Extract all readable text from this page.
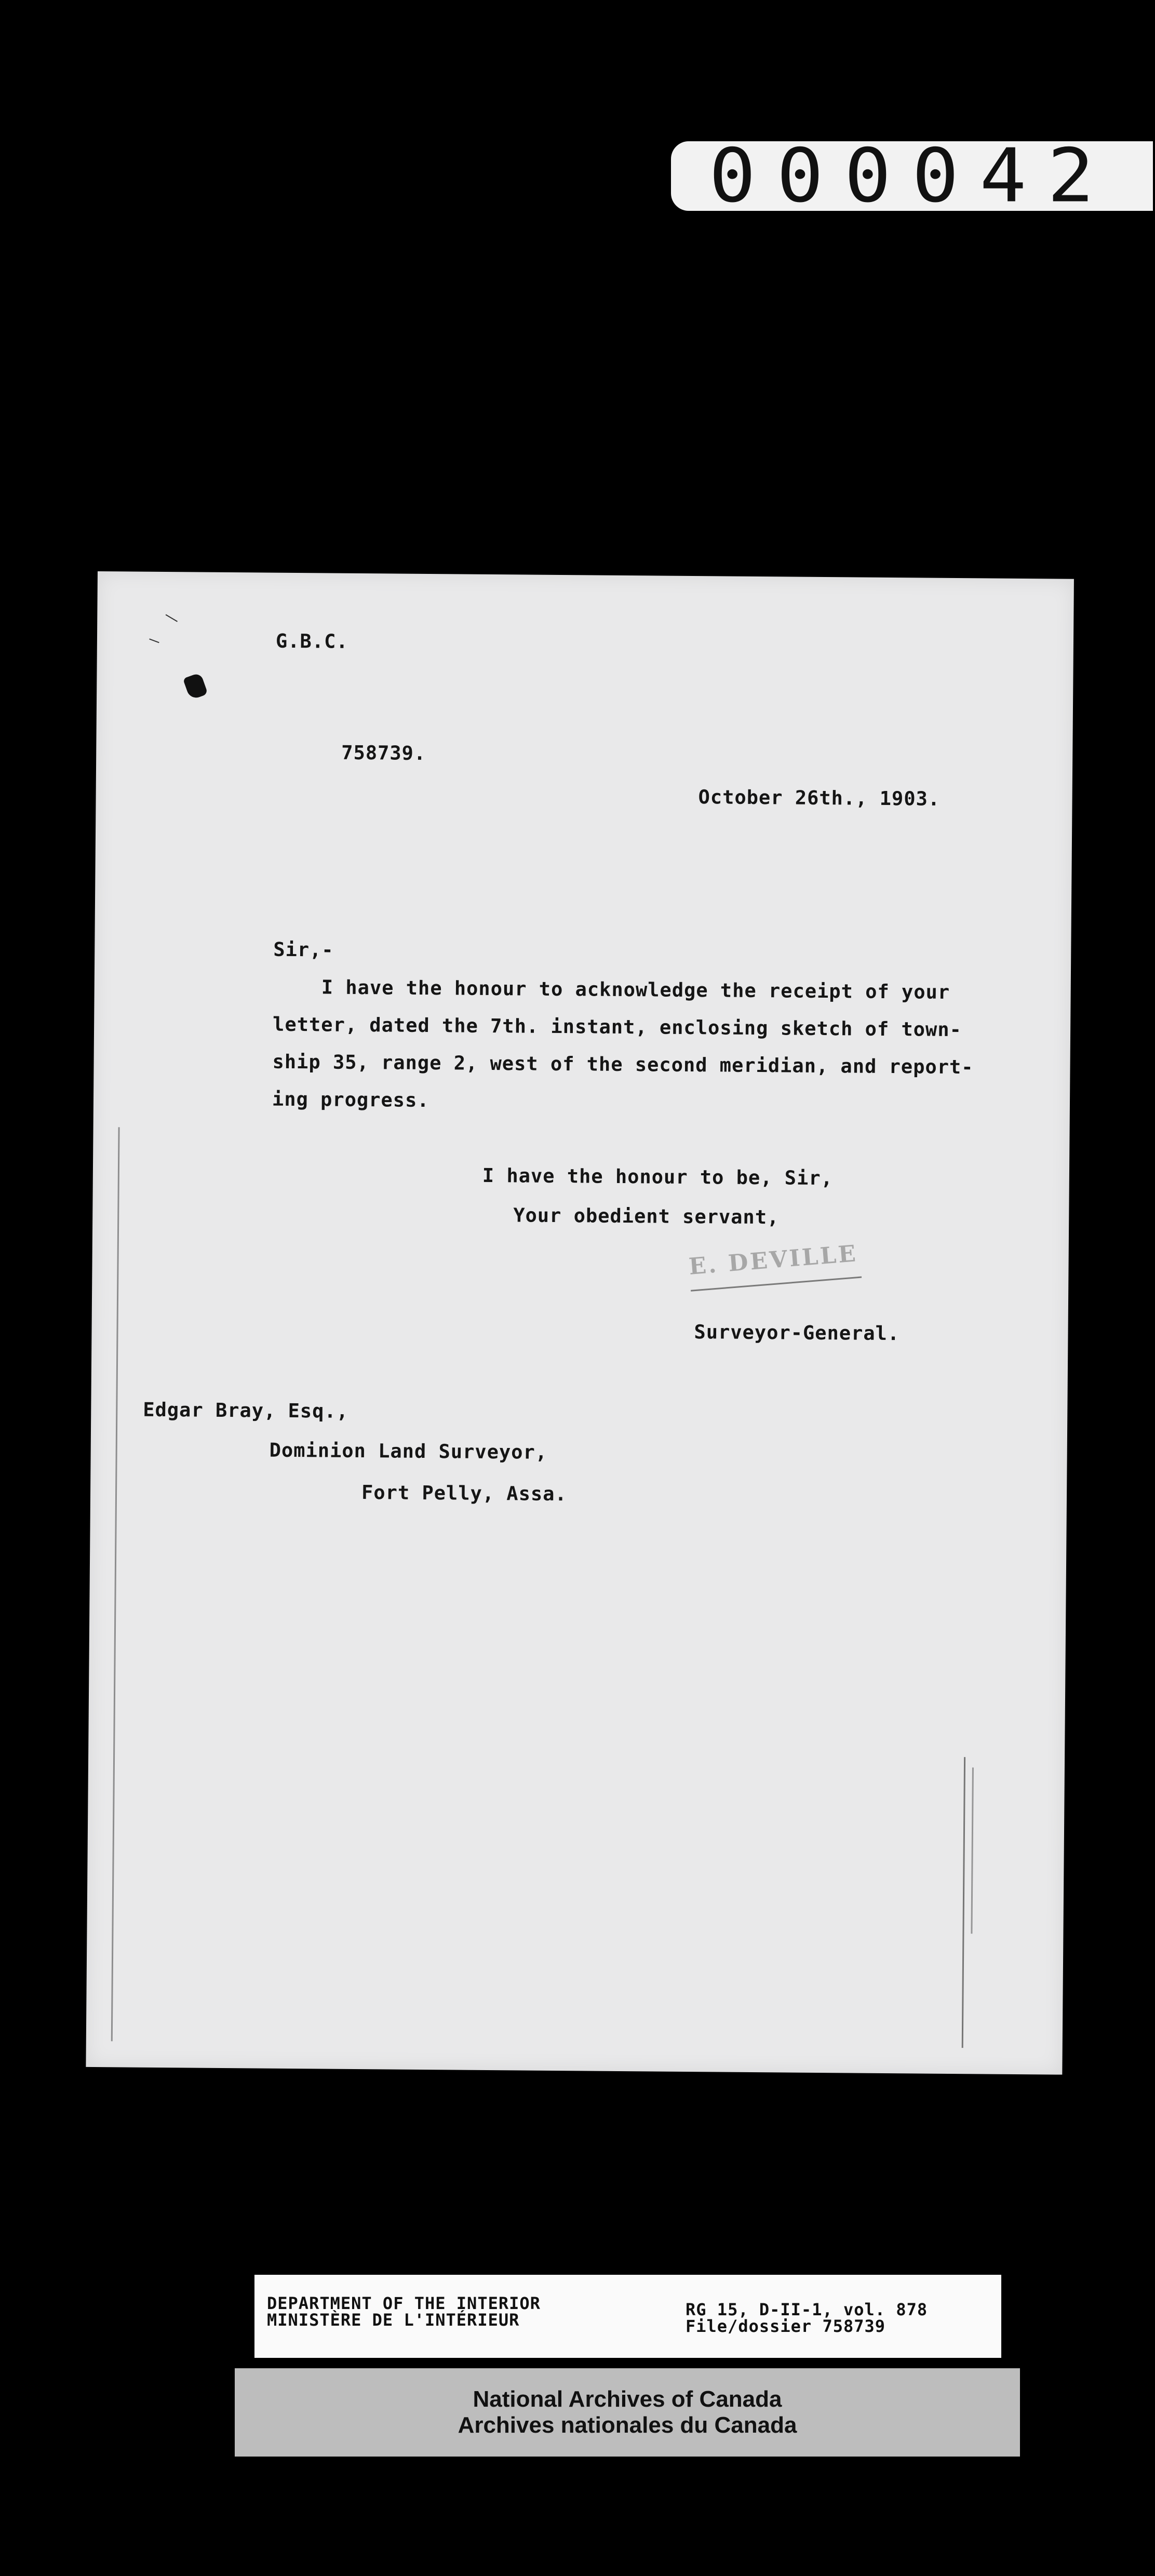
000042
G.B.C.
758739.
October 26th., 1903.
Sir,-
I have the honour to acknowledge the receipt of your
letter, dated the 7th. instant, enclosing sketch of town-
ship 35, range 2, west of the second meridian, and report-
ing progress.
I have the honour to be, Sir,
Your obedient servant,
E. DEVILLE
Surveyor-General.
Edgar Bray, Esq.,
Dominion Land Surveyor,
Fort Pelly, Assa.
DEPARTMENT OF THE INTERIOR
MINISTÈRE DE L'INTÉRIEUR
RG 15, D-II-1, vol. 878
File/dossier 758739
National Archives of Canada
Archives nationales du Canada
